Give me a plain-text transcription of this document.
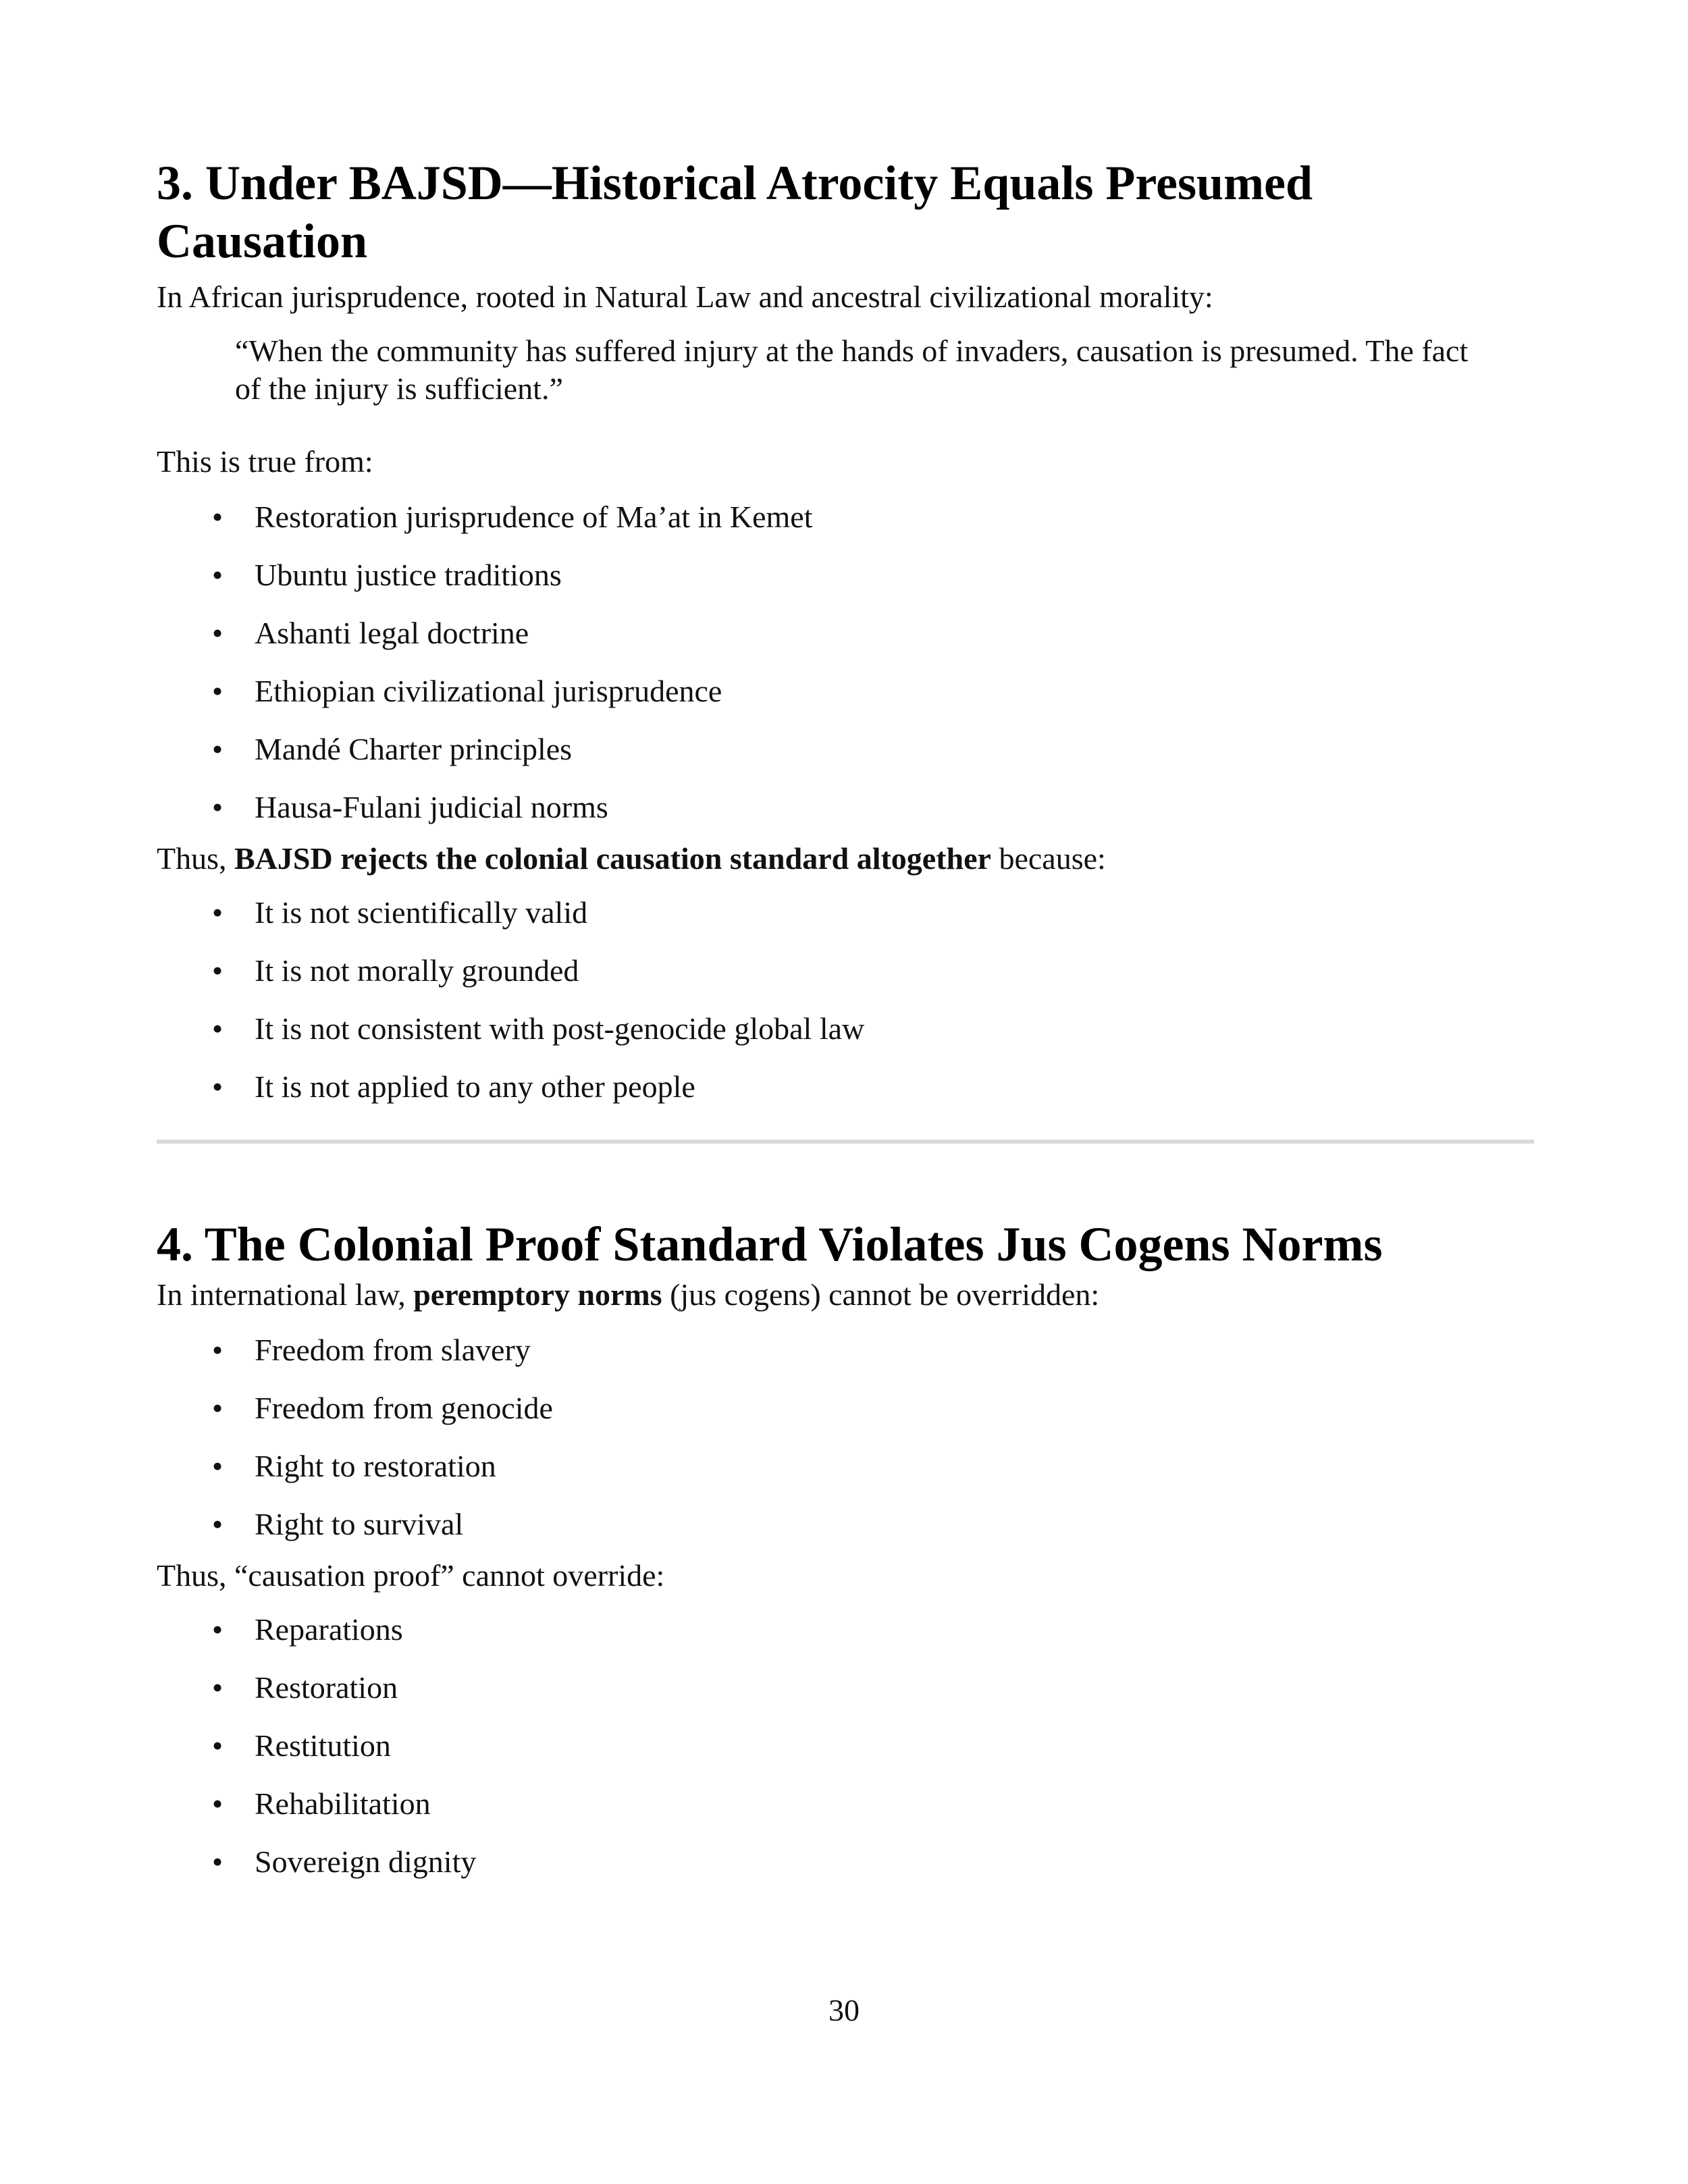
3. Under BAJSD—Historical Atrocity Equals Presumed Causation

In African jurisprudence, rooted in Natural Law and ancestral civilizational morality:

“When the community has suffered injury at the hands of invaders, causation is presumed. The fact of the injury is sufficient.”

This is true from:

• Restoration jurisprudence of Ma’at in Kemet
• Ubuntu justice traditions
• Ashanti legal doctrine
• Ethiopian civilizational jurisprudence
• Mandé Charter principles
• Hausa-Fulani judicial norms

Thus, BAJSD rejects the colonial causation standard altogether because:

• It is not scientifically valid
• It is not morally grounded
• It is not consistent with post-genocide global law
• It is not applied to any other people
4. The Colonial Proof Standard Violates Jus Cogens Norms

In international law, peremptory norms (jus cogens) cannot be overridden:

• Freedom from slavery
• Freedom from genocide
• Right to restoration
• Right to survival

Thus, “causation proof” cannot override:

• Reparations
• Restoration
• Restitution
• Rehabilitation
• Sovereign dignity
30
